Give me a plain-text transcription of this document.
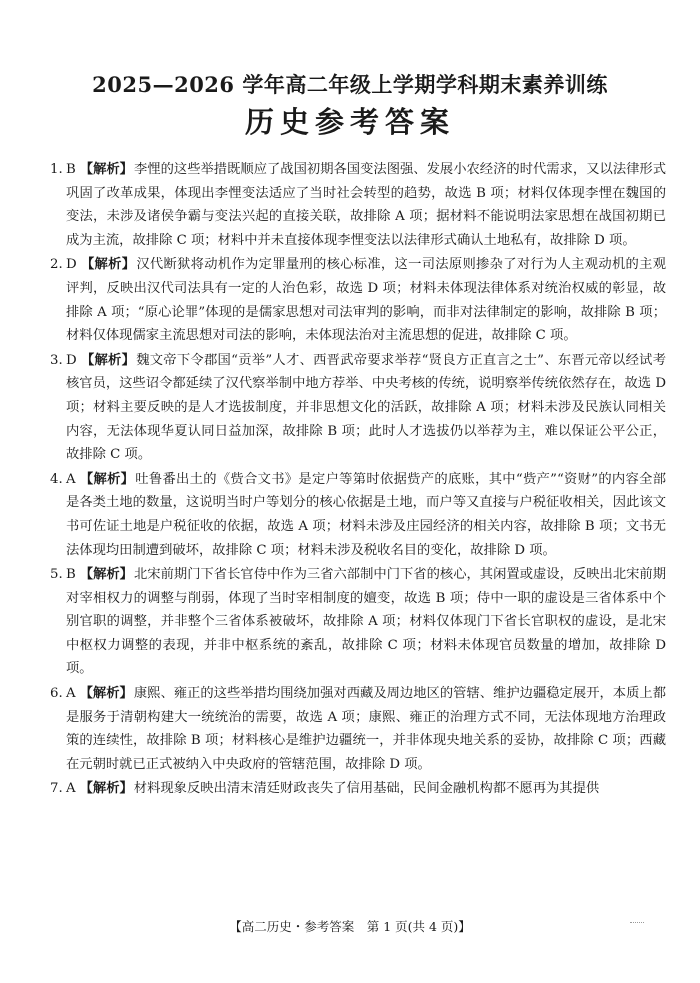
2025—2026 学年高二年级上学期学科期末素养训练
历史参考答案
1. B 【解析】李悝的这些举措既顺应了战国初期各国变法图强、发展小农经济的时代需求，又以法律形式巩固了改革成果，体现出李悝变法适应了当时社会转型的趋势，故选 B 项；材料仅体现李悝在魏国的变法，未涉及诸侯争霸与变法兴起的直接关联，故排除 A 项；据材料不能说明法家思想在战国初期已成为主流，故排除 C 项；材料中并未直接体现李悝变法以法律形式确认土地私有，故排除 D 项。
2. D 【解析】汉代断狱将动机作为定罪量刑的核心标准，这一司法原则掺杂了对行为人主观动机的主观评判，反映出汉代司法具有一定的人治色彩，故选 D 项；材料未体现法律体系对统治权威的彰显，故排除 A 项；“原心论罪”体现的是儒家思想对司法审判的影响，而非对法律制定的影响，故排除 B 项；材料仅体现儒家主流思想对司法的影响，未体现法治对主流思想的促进，故排除 C 项。
3. D 【解析】魏文帝下令郡国“贡举”人才、西晋武帝要求举荐“贤良方正直言之士”、东晋元帝以经试考核官员，这些诏令都延续了汉代察举制中地方荐举、中央考核的传统，说明察举传统依然存在，故选 D 项；材料主要反映的是人才选拔制度，并非思想文化的活跃，故排除 A 项；材料未涉及民族认同相关内容，无法体现华夏认同日益加深，故排除 B 项；此时人才选拔仍以举荐为主，难以保证公平公正，故排除 C 项。
4. A 【解析】吐鲁番出土的《赀合文书》是定户等第时依据赀产的底账，其中“赀产”“资财”的内容全部是各类土地的数量，这说明当时户等划分的核心依据是土地，而户等又直接与户税征收相关，因此该文书可佐证土地是户税征收的依据，故选 A 项；材料未涉及庄园经济的相关内容，故排除 B 项；文书无法体现均田制遭到破坏，故排除 C 项；材料未涉及税收名目的变化，故排除 D 项。
5. B 【解析】北宋前期门下省长官侍中作为三省六部制中门下省的核心，其闲置或虚设，反映出北宋前期对宰相权力的调整与削弱，体现了当时宰相制度的嬗变，故选 B 项；侍中一职的虚设是三省体系中个别官职的调整，并非整个三省体系被破坏，故排除 A 项；材料仅体现门下省长官职权的虚设，是北宋中枢权力调整的表现，并非中枢系统的紊乱，故排除 C 项；材料未体现官员数量的增加，故排除 D 项。
6. A 【解析】康熙、雍正的这些举措均围绕加强对西藏及周边地区的管辖、维护边疆稳定展开，本质上都是服务于清朝构建大一统统治的需要，故选 A 项；康熙、雍正的治理方式不同，无法体现地方治理政策的连续性，故排除 B 项；材料核心是维护边疆统一，并非体现央地关系的妥协，故排除 C 项；西藏在元朝时就已正式被纳入中央政府的管辖范围，故排除 D 项。
7. A 【解析】材料现象反映出清末清廷财政丧失了信用基础，民间金融机构都不愿再为其提供
【高二历史・参考答案　第 1 页(共 4 页)】
